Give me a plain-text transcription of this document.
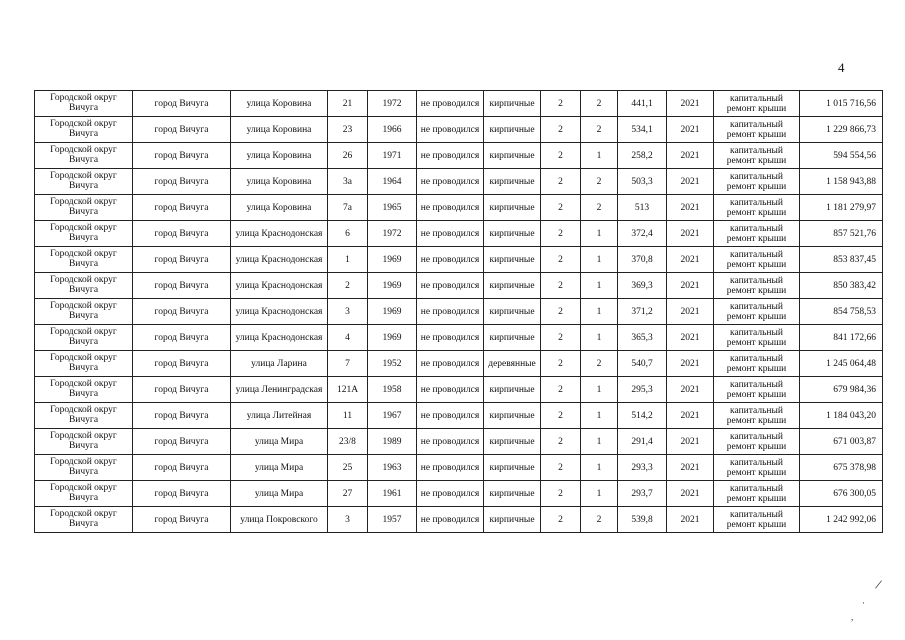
4
Городской округ Вичуга	город Вичуга	улица Коровина	21	1972	не проводился	кирпичные	2	2	441,1	2021	капитальный ремонт крыши	1 015 716,56
Городской округ Вичуга	город Вичуга	улица Коровина	23	1966	не проводился	кирпичные	2	2	534,1	2021	капитальный ремонт крыши	1 229 866,73
Городской округ Вичуга	город Вичуга	улица Коровина	26	1971	не проводился	кирпичные	2	1	258,2	2021	капитальный ремонт крыши	594 554,56
Городской округ Вичуга	город Вичуга	улица Коровина	3а	1964	не проводился	кирпичные	2	2	503,3	2021	капитальный ремонт крыши	1 158 943,88
Городской округ Вичуга	город Вичуга	улица Коровина	7а	1965	не проводился	кирпичные	2	2	513	2021	капитальный ремонт крыши	1 181 279,97
Городской округ Вичуга	город Вичуга	улица Краснодонская	6	1972	не проводился	кирпичные	2	1	372,4	2021	капитальный ремонт крыши	857 521,76
Городской округ Вичуга	город Вичуга	улица Краснодонская	1	1969	не проводился	кирпичные	2	1	370,8	2021	капитальный ремонт крыши	853 837,45
Городской округ Вичуга	город Вичуга	улица Краснодонская	2	1969	не проводился	кирпичные	2	1	369,3	2021	капитальный ремонт крыши	850 383,42
Городской округ Вичуга	город Вичуга	улица Краснодонская	3	1969	не проводился	кирпичные	2	1	371,2	2021	капитальный ремонт крыши	854 758,53
Городской округ Вичуга	город Вичуга	улица Краснодонская	4	1969	не проводился	кирпичные	2	1	365,3	2021	капитальный ремонт крыши	841 172,66
Городской округ Вичуга	город Вичуга	улица Ларина	7	1952	не проводился	деревянные	2	2	540,7	2021	капитальный ремонт крыши	1 245 064,48
Городской округ Вичуга	город Вичуга	улица Ленинградская	121А	1958	не проводился	кирпичные	2	1	295,3	2021	капитальный ремонт крыши	679 984,36
Городской округ Вичуга	город Вичуга	улица Литейная	11	1967	не проводился	кирпичные	2	1	514,2	2021	капитальный ремонт крыши	1 184 043,20
Городской округ Вичуга	город Вичуга	улица Мира	23/8	1989	не проводился	кирпичные	2	1	291,4	2021	капитальный ремонт крыши	671 003,87
Городской округ Вичуга	город Вичуга	улица Мира	25	1963	не проводился	кирпичные	2	1	293,3	2021	капитальный ремонт крыши	675 378,98
Городской округ Вичуга	город Вичуга	улица Мира	27	1961	не проводился	кирпичные	2	1	293,7	2021	капитальный ремонт крыши	676 300,05
Городской округ Вичуга	город Вичуга	улица Покровского	3	1957	не проводился	кирпичные	2	2	539,8	2021	капитальный ремонт крыши	1 242 992,06
/
·
,
